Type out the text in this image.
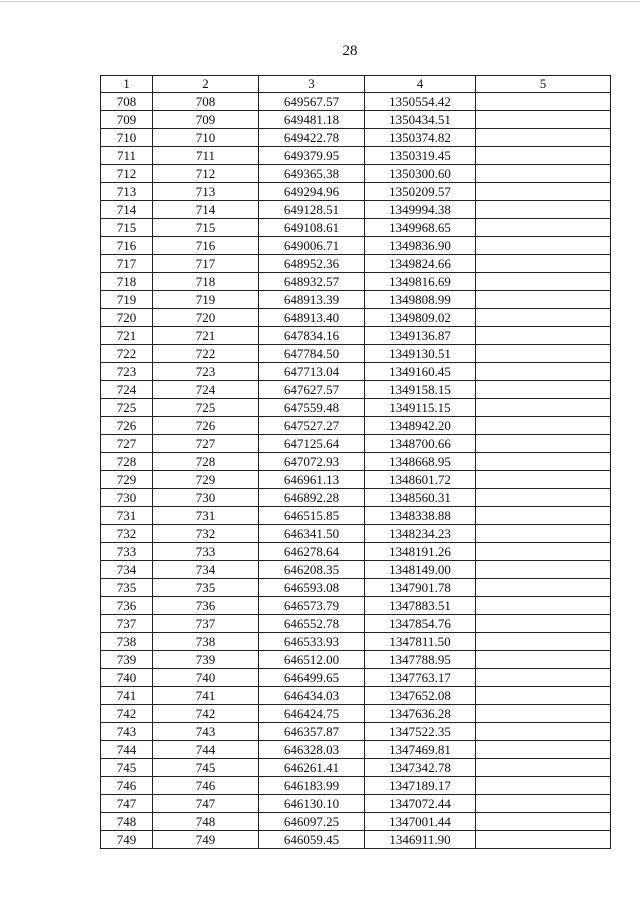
28
1	2	3	4	5
708	708	649567.57	1350554.42	
709	709	649481.18	1350434.51	
710	710	649422.78	1350374.82	
711	711	649379.95	1350319.45	
712	712	649365.38	1350300.60	
713	713	649294.96	1350209.57	
714	714	649128.51	1349994.38	
715	715	649108.61	1349968.65	
716	716	649006.71	1349836.90	
717	717	648952.36	1349824.66	
718	718	648932.57	1349816.69	
719	719	648913.39	1349808.99	
720	720	648913.40	1349809.02	
721	721	647834.16	1349136.87	
722	722	647784.50	1349130.51	
723	723	647713.04	1349160.45	
724	724	647627.57	1349158.15	
725	725	647559.48	1349115.15	
726	726	647527.27	1348942.20	
727	727	647125.64	1348700.66	
728	728	647072.93	1348668.95	
729	729	646961.13	1348601.72	
730	730	646892.28	1348560.31	
731	731	646515.85	1348338.88	
732	732	646341.50	1348234.23	
733	733	646278.64	1348191.26	
734	734	646208.35	1348149.00	
735	735	646593.08	1347901.78	
736	736	646573.79	1347883.51	
737	737	646552.78	1347854.76	
738	738	646533.93	1347811.50	
739	739	646512.00	1347788.95	
740	740	646499.65	1347763.17	
741	741	646434.03	1347652.08	
742	742	646424.75	1347636.28	
743	743	646357.87	1347522.35	
744	744	646328.03	1347469.81	
745	745	646261.41	1347342.78	
746	746	646183.99	1347189.17	
747	747	646130.10	1347072.44	
748	748	646097.25	1347001.44	
749	749	646059.45	1346911.90	
